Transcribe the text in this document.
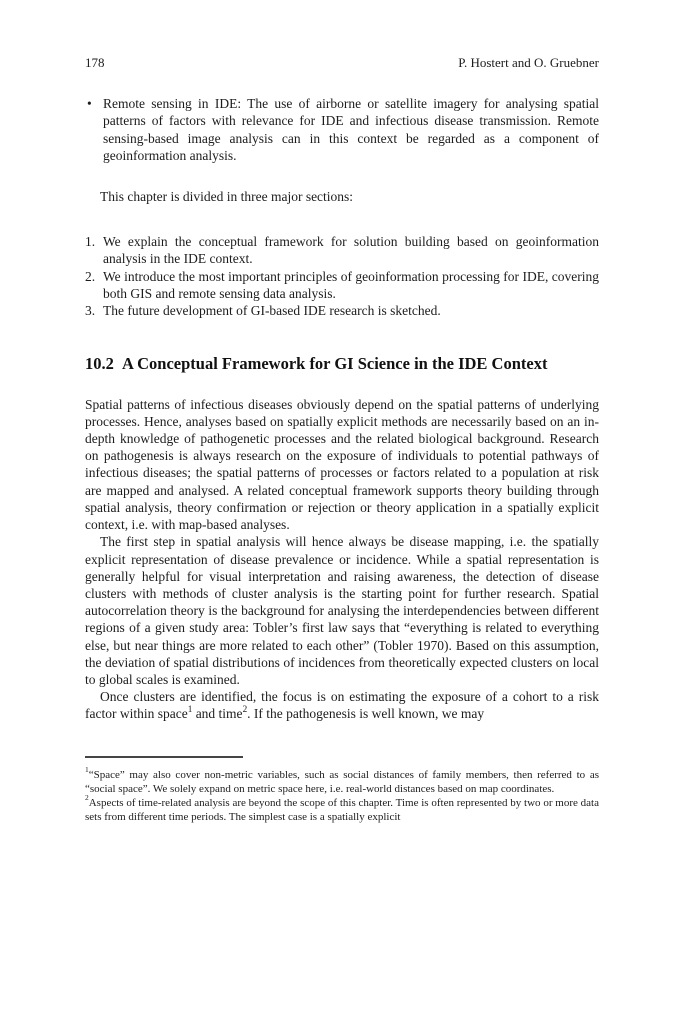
178	P. Hostert and O. Gruebner
• Remote sensing in IDE: The use of airborne or satellite imagery for analysing spatial patterns of factors with relevance for IDE and infectious disease transmission. Remote sensing-based image analysis can in this context be regarded as a component of geoinformation analysis.

This chapter is divided in three major sections:

1. We explain the conceptual framework for solution building based on geoinformation analysis in the IDE context.
2. We introduce the most important principles of geoinformation processing for IDE, covering both GIS and remote sensing data analysis.
3. The future development of GI-based IDE research is sketched.
10.2 A Conceptual Framework for GI Science in the IDE Context

Spatial patterns of infectious diseases obviously depend on the spatial patterns of underlying processes. Hence, analyses based on spatially explicit methods are necessarily based on an in-depth knowledge of pathogenetic processes and the related biological background. Research on pathogenesis is always research on the exposure of individuals to potential pathways of infectious diseases; the spatial patterns of processes or factors related to a population at risk are mapped and analysed. A related conceptual framework supports theory building through spatial analysis, theory confirmation or rejection or theory application in a spatially explicit context, i.e. with map-based analyses.

The first step in spatial analysis will hence always be disease mapping, i.e. the spatially explicit representation of disease prevalence or incidence. While a spatial representation is generally helpful for visual interpretation and raising awareness, the detection of disease clusters with methods of cluster analysis is the starting point for further research. Spatial autocorrelation theory is the background for analysing the interdependencies between different regions of a given study area: Tobler’s first law says that “everything is related to everything else, but near things are more related to each other” (Tobler 1970). Based on this assumption, the deviation of spatial distributions of incidences from theoretically expected clusters on local to global scales is examined.

Once clusters are identified, the focus is on estimating the exposure of a cohort to a risk factor within space$^1$ and time$^2$. If the pathogenesis is well known, we may

$^1$“Space” may also cover non-metric variables, such as social distances of family members, then referred to as “social space”. We solely expand on metric space here, i.e. real-world distances based on map coordinates.

$^2$Aspects of time-related analysis are beyond the scope of this chapter. Time is often represented by two or more data sets from different time periods. The simplest case is a spatially explicit
